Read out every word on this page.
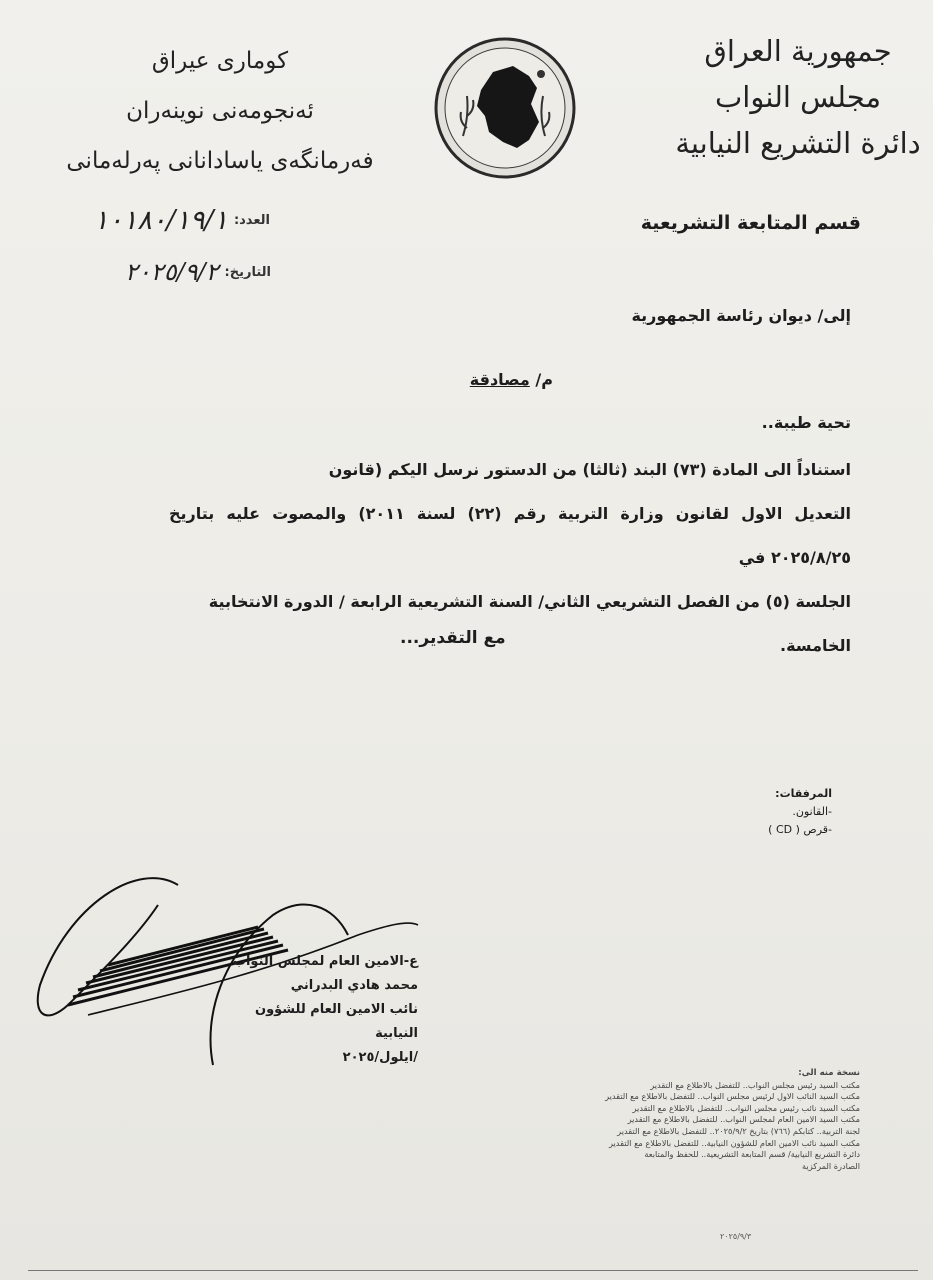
جمهورية العراق
مجلس النواب
دائرة التشريع النيابية
كومارى عيراق
ئەنجومەنى نوینەران
فەرمانگەی یاسادانانى پەرلەمانى
قسم المتابعة التشريعية
١٠١٨٠/١٩/١ العدد:
٢٠٢٥/٩/٢ التاريخ:
إلى/ ديوان رئاسة الجمهورية
م/ مصادقة
تحية طيبة..
استناداً الى المادة (٧٣) البند (ثالثا) من الدستور نرسل اليكم (قانون
التعديل الاول لقانون وزارة التربية رقم (٢٢) لسنة ٢٠١١) والمصوت عليه بتاريخ ٢٠٢٥/٨/٢٥ في
الجلسة (٥) من الفصل التشريعي الثاني/ السنة التشريعية الرابعة / الدورة الانتخابية
الخامسة.
مع التقدير...
المرفقات:
-القانون.
-قرص ( CD )
ع-الامين العام لمجلس النواب
محمد هادي البدراني
نائب الامين العام للشؤون النيابية
/ايلول/٢٠٢٥
نسخة منه الى:
مكتب السيد رئيس مجلس النواب.. للتفضل بالاطلاع مع التقدير
مكتب السيد النائب الاول لرئيس مجلس النواب.. للتفضل بالاطلاع مع التقدير
مكتب السيد نائب رئيس مجلس النواب.. للتفضل بالاطلاع مع التقدير
مكتب السيد الامين العام لمجلس النواب.. للتفضل بالاطلاع مع التقدير
لجنة التربية.. كتابكم (٧٦٦) بتاريخ ٢٠٢٥/٩/٢.. للتفضل بالاطلاع مع التقدير
مكتب السيد نائب الامين العام للشؤون النيابية.. للتفضل بالاطلاع مع التقدير
دائرة التشريع النيابية/ قسم المتابعة التشريعية.. للحفظ والمتابعة
الصادرة المركزية
٢٠٢٥/٩/٣
